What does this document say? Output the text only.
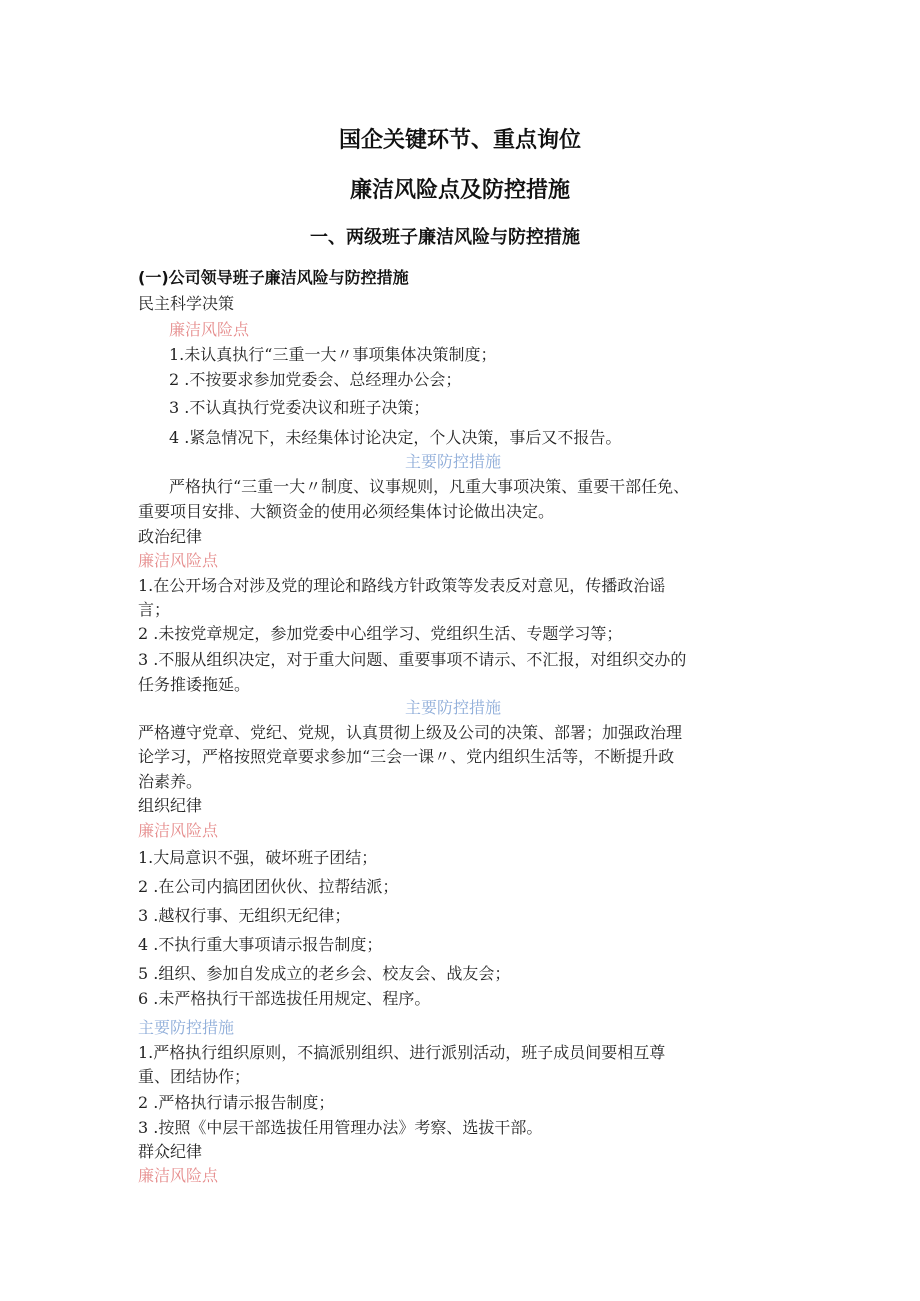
国企关键环节、重点询位
廉洁风险点及防控措施
一、两级班子廉洁风险与防控措施
(一)公司领导班子廉洁风险与防控措施
民主科学决策
廉洁风险点
1.未认真执行“三重一大〃事项集体决策制度；
2 .不按要求参加党委会、总经理办公会；
3 .不认真执行党委决议和班子决策；
4 .紧急情况下，未经集体讨论决定，个人决策，事后又不报告。
主要防控措施
严格执行“三重一大〃制度、议事规则，凡重大事项决策、重要干部任免、
重要项目安排、大额资金的使用必须经集体讨论做出决定。
政治纪律
廉洁风险点
1.在公开场合对涉及党的理论和路线方针政策等发表反对意见，传播政治谣
言；
2 .未按党章规定，参加党委中心组学习、党组织生活、专题学习等；
3 .不服从组织决定，对于重大问题、重要事项不请示、不汇报，对组织交办的
任务推诿拖延。
主要防控措施
严格遵守党章、党纪、党规，认真贯彻上级及公司的决策、部署；加强政治理
论学习，严格按照党章要求参加“三会一课〃、党内组织生活等，不断提升政
治素养。
组织纪律
廉洁风险点
1.大局意识不强，破坏班子团结；
2 .在公司内搞团团伙伙、拉帮结派；
3 .越权行事、无组织无纪律；
4 .不执行重大事项请示报告制度；
5 .组织、参加自发成立的老乡会、校友会、战友会；
6 .未严格执行干部选拔任用规定、程序。
主要防控措施
1.严格执行组织原则，不搞派别组织、进行派别活动，班子成员间要相互尊
重、团结协作；
2 .严格执行请示报告制度；
3 .按照《中层干部选拔任用管理办法》考察、选拔干部。
群众纪律
廉洁风险点
